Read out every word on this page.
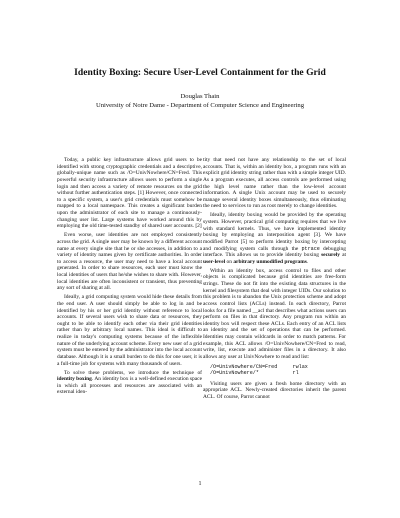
Identity Boxing: Secure User-Level Containment for the Grid
Douglas Thain
University of Notre Dame - Department of Computer Science and Engineering

Today, a public key infrastructure allows grid users to be identified with strong cryptographic credentials and a descriptive, globally-unique name such as /O=UnivNowhere/CN=Fred. This powerful security infrastructure allows users to perform a single login and then access a variety of remote resources on the grid without further authentication steps. [1] However, once connected to a specific system, a user's grid credentials must somehow be mapped to a local namespace. This creates a significant burden upon the administrator of each site to manage a continuously-changing user list. Large systems have worked around this by employing the old time-tested standby of shared user accounts. [2]

Even worse, user identities are not employed consistently across the grid. A single user may be known by a different account name at every single site that he or she accesses, in addition to a variety of identity names given by certificate authorities. In order to access a resource, the user may need to have a local account generated. In order to share resources, each user must know the local identities of users that he/she wishes to share with. However, local identities are often inconsistent or transient, thus preventing any sort of sharing at all.

Ideally, a grid computing system would hide these details from the end user. A user should simply be able to log in and be identified by his or her grid identity without reference to local accounts. If several users wish to share data or resources, they ought to be able to identify each other via their grid identities rather than by arbitrary local names. This ideal is difficult to realize in today's computing systems because of the inflexible nature of the underlying account scheme. Every new user of a grid system must be entered by the administrator into the local account database. Although it is a small burden to do this for one user, it is a full-time job for systems with many thousands of users.

To solve these problems, we introduce the technique of identity boxing. An identity box is a well-defined execution space in which all processes and resources are associated with an external iden-

tity that need not have any relationship to the set of local accounts. That is, within an identity box, a program runs with an explicit grid identity string rather than with a simple integer UID. As a program executes, all access controls are performed using the high level name rather than the low-level account information. A single Unix account may be used to securely manage several identity boxes simultaneously, thus eliminating the need to services to run as root merely to change identities.

Ideally, identity boxing would be provided by the operating system. However, practical grid computing requires that we live with standard kernels. Thus, we have implemented identity boxing by employing an interposition agent [3]. We have modified Parrot [5] to perform identity boxing by intercepting and modifying system calls through the ptrace debugging interface. This allows us to provide identity boxing securely at user-level on arbitrary unmodified programs.

Within an identity box, access control to files and other objects is complicated because grid identities are free-form strings. These do not fit into the existing data structures in the kernel and filesystem that deal with integer UIDs. Our solution to this problem is to abandon the Unix protection scheme and adopt access control lists (ACLs) instead. In each directory, Parrot looks for a file named __acl that describes what actions users can perform on files in that directory. Any program run within an identity box will respect these ACLs. Each entry of an ACL lists an identity and the set of operations that can be performed. Identities may contain wildcards in order to match patterns. For example, this ACL allows /O=UnivNowhere/CN=Fred to read, write, list, execute and administer files in a directory. It also allows any user at UnivNowhere to read and list:

/O=UnivNowhere/CN=Fred     rwlax
/O=UnivNowhere/*           rl

Visiting users are given a fresh home directory with an appropriate ACL. Newly-created directories inherit the parent ACL. Of course, Parrot cannot

1
